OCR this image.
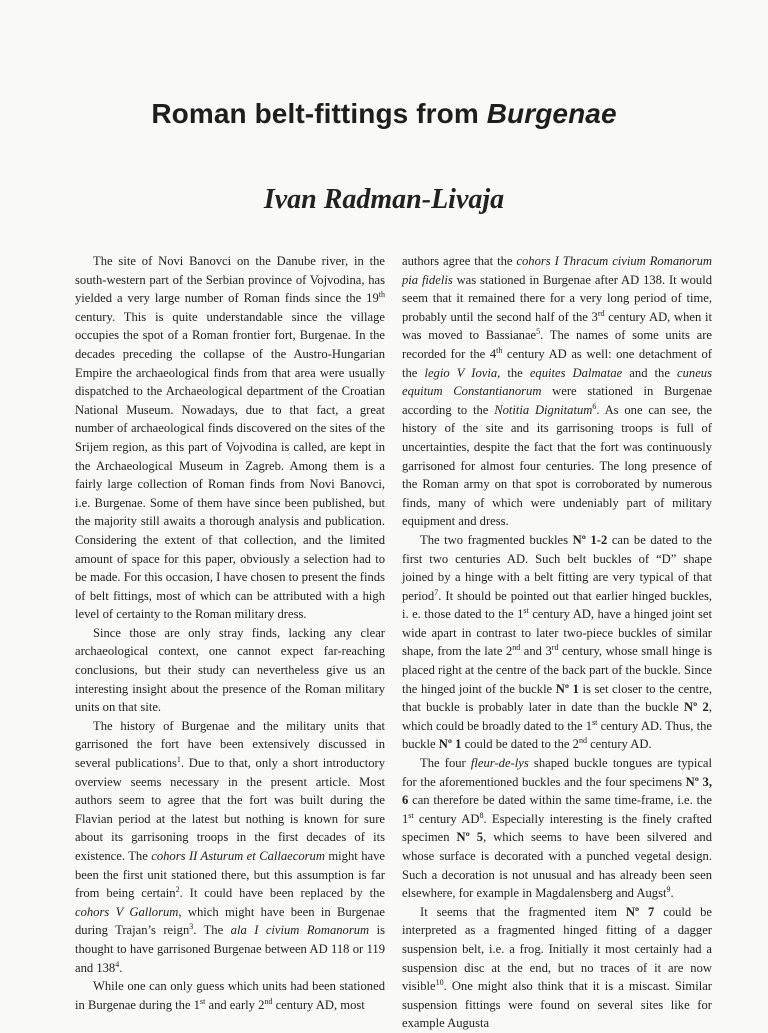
Roman belt-fittings from Burgenae
Ivan Radman-Livaja

The site of Novi Banovci on the Danube river, in the south-western part of the Serbian province of Vojvodina, has yielded a very large number of Roman finds since the 19th century. This is quite understandable since the village occupies the spot of a Roman frontier fort, Burgenae. In the decades preceding the collapse of the Austro-Hungarian Empire the archaeological finds from that area were usually dispatched to the Archaeological department of the Croatian National Museum. Nowadays, due to that fact, a great number of archaeological finds discovered on the sites of the Srijem region, as this part of Vojvodina is called, are kept in the Archaeological Museum in Zagreb. Among them is a fairly large collection of Roman finds from Novi Banovci, i.e. Burgenae. Some of them have since been published, but the majority still awaits a thorough analysis and publication. Considering the extent of that collection, and the limited amount of space for this paper, obviously a selection had to be made. For this occasion, I have chosen to present the finds of belt fittings, most of which can be attributed with a high level of certainty to the Roman military dress.

Since those are only stray finds, lacking any clear archaeological context, one cannot expect far-reaching conclusions, but their study can nevertheless give us an interesting insight about the presence of the Roman military units on that site.

The history of Burgenae and the military units that garrisoned the fort have been extensively discussed in several publications$^1$. Due to that, only a short introductory overview seems necessary in the present article. Most authors seem to agree that the fort was built during the Flavian period at the latest but nothing is known for sure about its garrisoning troops in the first decades of its existence. The cohors II Asturum et Callaecorum might have been the first unit stationed there, but this assumption is far from being certain$^2$. It could have been replaced by the cohors V Gallorum, which might have been in Burgenae during Trajan’s reign$^3$. The ala I civium Romanorum is thought to have garrisoned Burgenae between AD 118 or 119 and $138^4$.

While one can only guess which units had been stationed in Burgenae during the 1st and early 2nd century AD, most

authors agree that the cohors I Thracum civium Romanorum pia fidelis was stationed in Burgenae after AD 138. It would seem that it remained there for a very long period of time, probably until the second half of the 3rd century AD, when it was moved to Bassianae$^5$. The names of some units are recorded for the 4th century AD as well: one detachment of the legio V Iovia, the equites Dalmatae and the cuneus equitum Constantianorum were stationed in Burgenae according to the Notitia Dignitatum$^6$. As one can see, the history of the site and its garrisoning troops is full of uncertainties, despite the fact that the fort was continuously garrisoned for almost four centuries. The long presence of the Roman army on that spot is corroborated by numerous finds, many of which were undeniably part of military equipment and dress.

The two fragmented buckles Nº 1-2 can be dated to the first two centuries AD. Such belt buckles of “D” shape joined by a hinge with a belt fitting are very typical of that period$^7$. It should be pointed out that earlier hinged buckles, i. e. those dated to the 1st century AD, have a hinged joint set wide apart in contrast to later two-piece buckles of similar shape, from the late 2nd and 3rd century, whose small hinge is placed right at the centre of the back part of the buckle. Since the hinged joint of the buckle Nº 1 is set closer to the centre, that buckle is probably later in date than the buckle Nº 2, which could be broadly dated to the 1st century AD. Thus, the buckle Nº 1 could be dated to the 2nd century AD.

The four fleur-de-lys shaped buckle tongues are typical for the aforementioned buckles and the four specimens Nº 3, 6 can therefore be dated within the same time-frame, i.e. the 1st century $AD^8$. Especially interesting is the finely crafted specimen Nº 5, which seems to have been silvered and whose surface is decorated with a punched vegetal design. Such a decoration is not unusual and has already been seen elsewhere, for example in Magdalensberg and Augst$^9$.

It seems that the fragmented item Nº 7 could be interpreted as a fragmented hinged fitting of a dagger suspension belt, i.e. a frog. Initially it most certainly had a suspension disc at the end, but no traces of it are now visible$^{10}$. One might also think that it is a miscast. Similar suspension fittings were found on several sites like for example Augusta
